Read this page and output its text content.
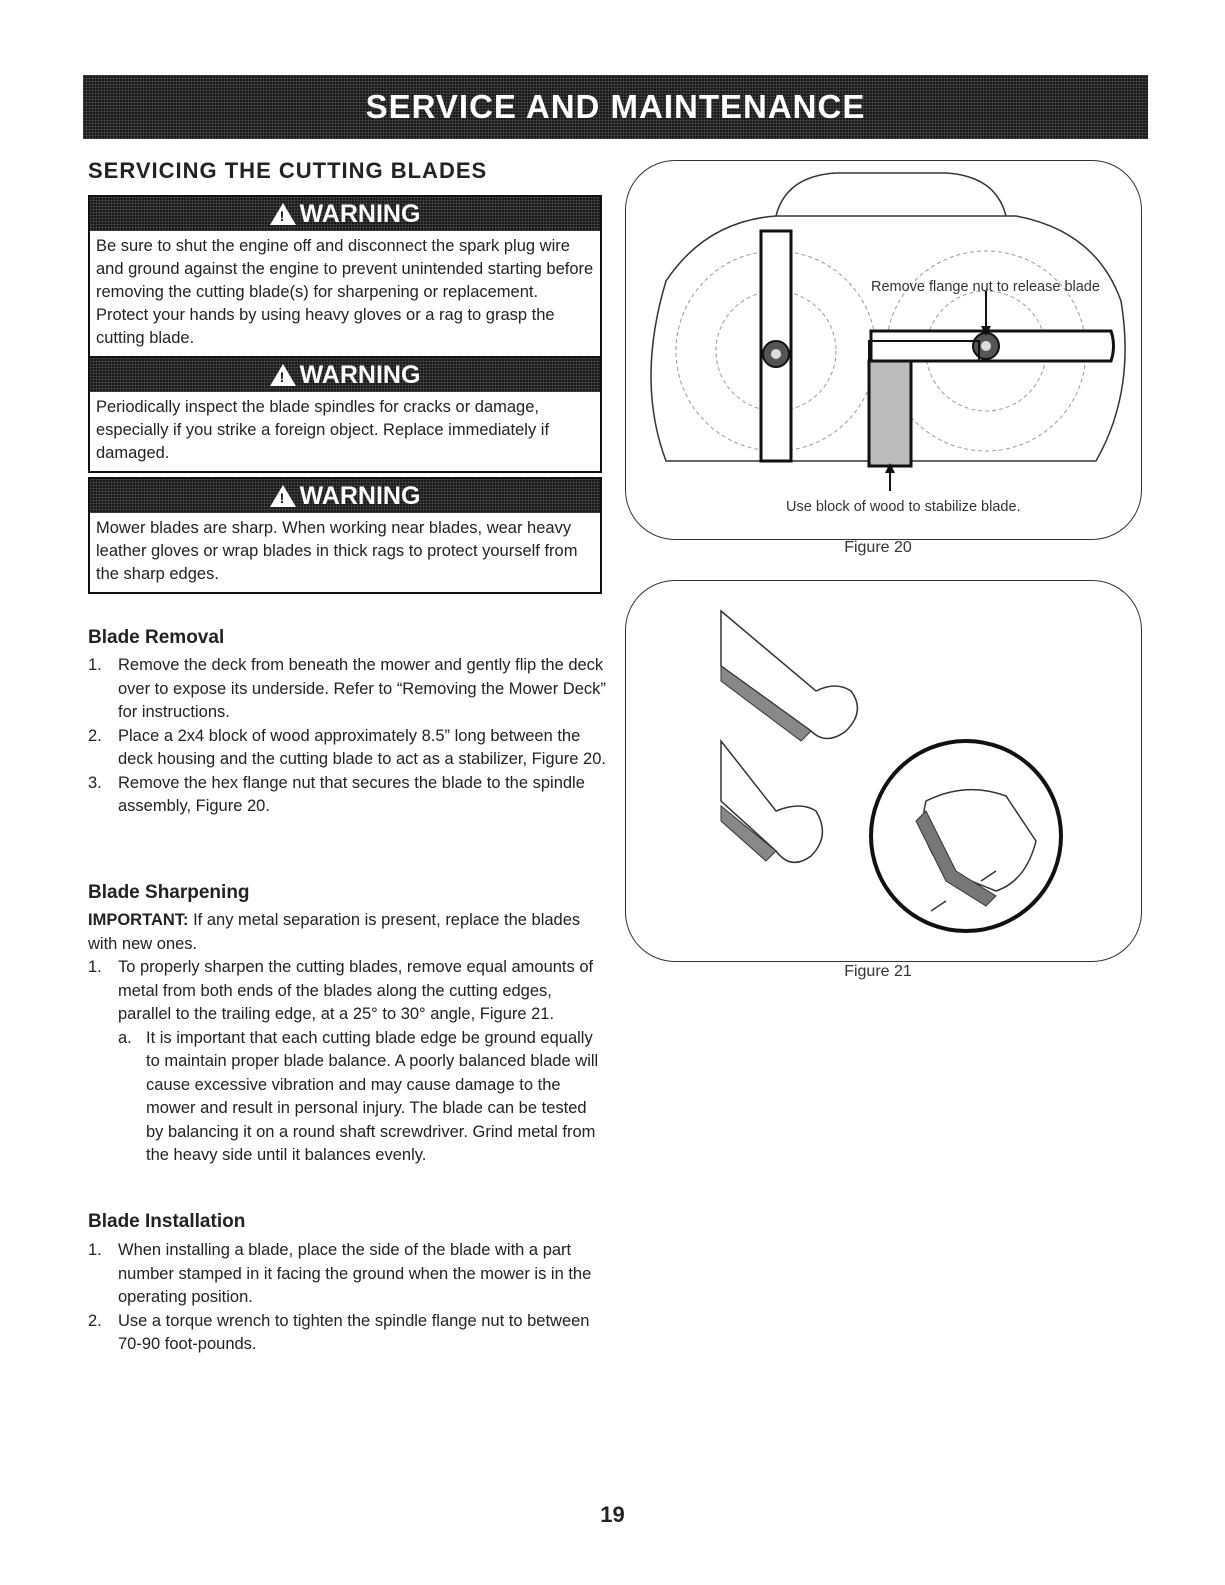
SERVICE AND MAINTENANCE
SERVICING THE CUTTING BLADES
! WARNING
Be sure to shut the engine off and disconnect the spark plug wire and ground against the engine to prevent unintended starting before removing the cutting blade(s) for sharpening or replacement. Protect your hands by using heavy gloves or a rag to grasp the cutting blade.
! WARNING
Periodically inspect the blade spindles for cracks or damage, especially if you strike a foreign object. Replace immediately if damaged.
! WARNING
Mower blades are sharp. When working near blades, wear heavy leather gloves or wrap blades in thick rags to protect yourself from the sharp edges.
Blade Removal
1. Remove the deck from beneath the mower and gently flip the deck over to expose its underside. Refer to “Removing the Mower Deck” for instructions.
2. Place a 2x4 block of wood approximately 8.5” long between the deck housing and the cutting blade to act as a stabilizer, Figure 20.
3. Remove the hex flange nut that secures the blade to the spindle assembly, Figure 20.
Blade Sharpening

IMPORTANT: If any metal separation is present, replace the blades with new ones.

1. To properly sharpen the cutting blades, remove equal amounts of metal from both ends of the blades along the cutting edges, parallel to the trailing edge, at a 25° to 30° angle, Figure 21.
a. It is important that each cutting blade edge be ground equally to maintain proper blade balance. A poorly balanced blade will cause excessive vibration and may cause damage to the mower and result in personal injury. The blade can be tested by balancing it on a round shaft screwdriver. Grind metal from the heavy side until it balances evenly.
Blade Installation
1. When installing a blade, place the side of the blade with a part number stamped in it facing the ground when the mower is in the operating position.
2. Use a torque wrench to tighten the spindle flange nut to between 70-90 foot-pounds.
Remove flange nut to release blade
Use block of wood to stabilize blade.
Figure 20
Figure 21
19
